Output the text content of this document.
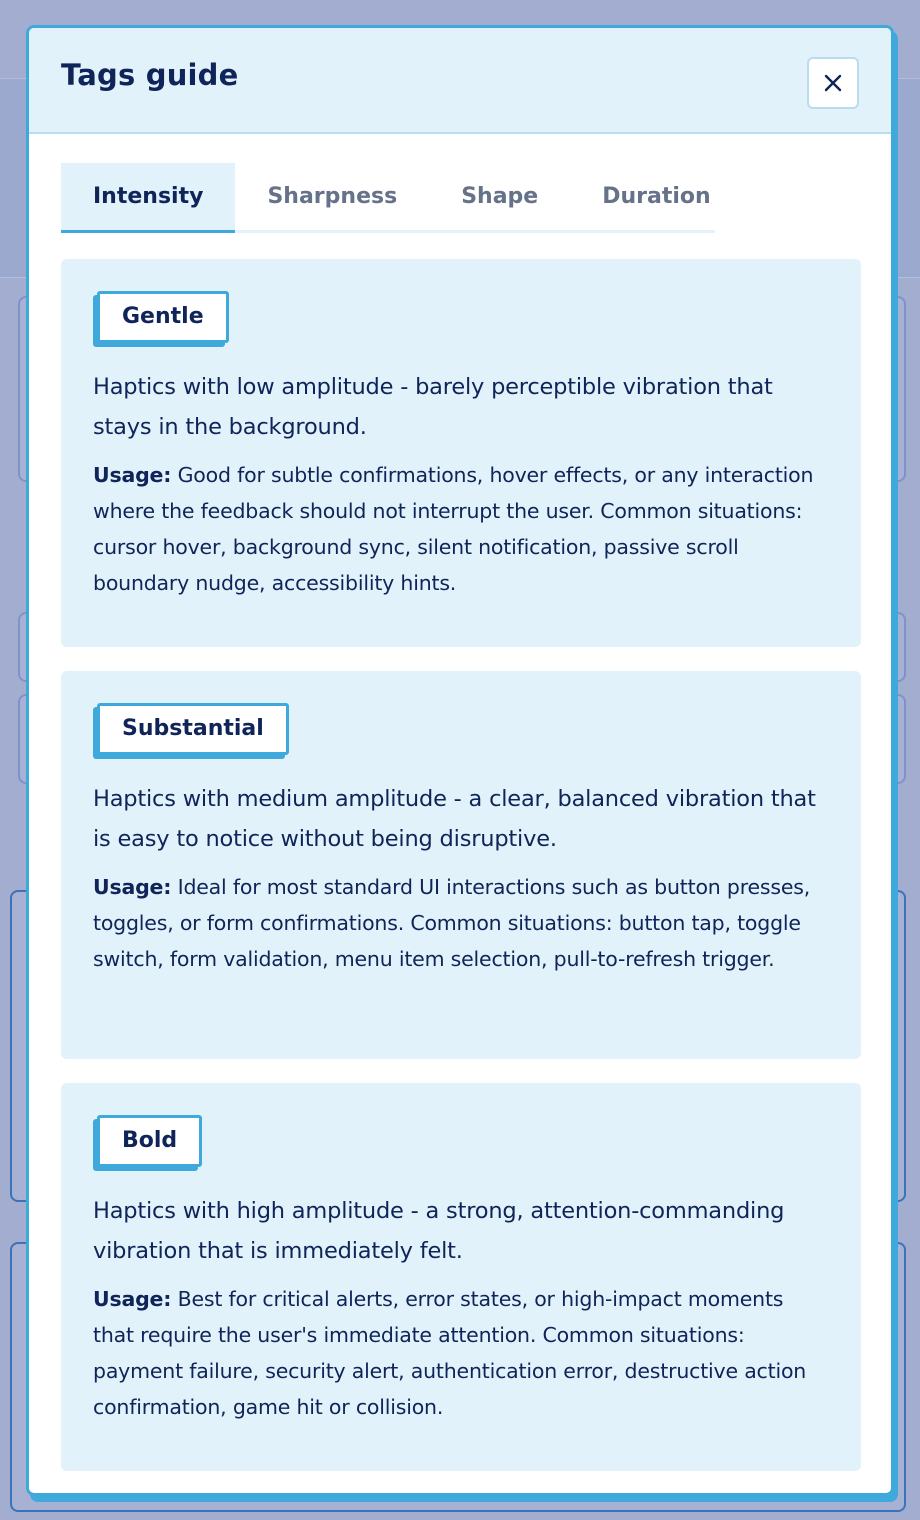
Tags guide
Intensity	Sharpness	Shape	Duration
Gentle
Haptics with low amplitude - barely perceptible vibration that stays in the background.
Usage: Good for subtle confirmations, hover effects, or any interaction where the feedback should not interrupt the user. Common situations: cursor hover, background sync, silent notification, passive scroll boundary nudge, accessibility hints.
Substantial
Haptics with medium amplitude - a clear, balanced vibration that is easy to notice without being disruptive.
Usage: Ideal for most standard UI interactions such as button presses, toggles, or form confirmations. Common situations: button tap, toggle switch, form validation, menu item selection, pull-to-refresh trigger.
Bold
Haptics with high amplitude - a strong, attention-commanding vibration that is immediately felt.
Usage: Best for critical alerts, error states, or high-impact moments that require the user's immediate attention. Common situations: payment failure, security alert, authentication error, destructive action confirmation, game hit or collision.
